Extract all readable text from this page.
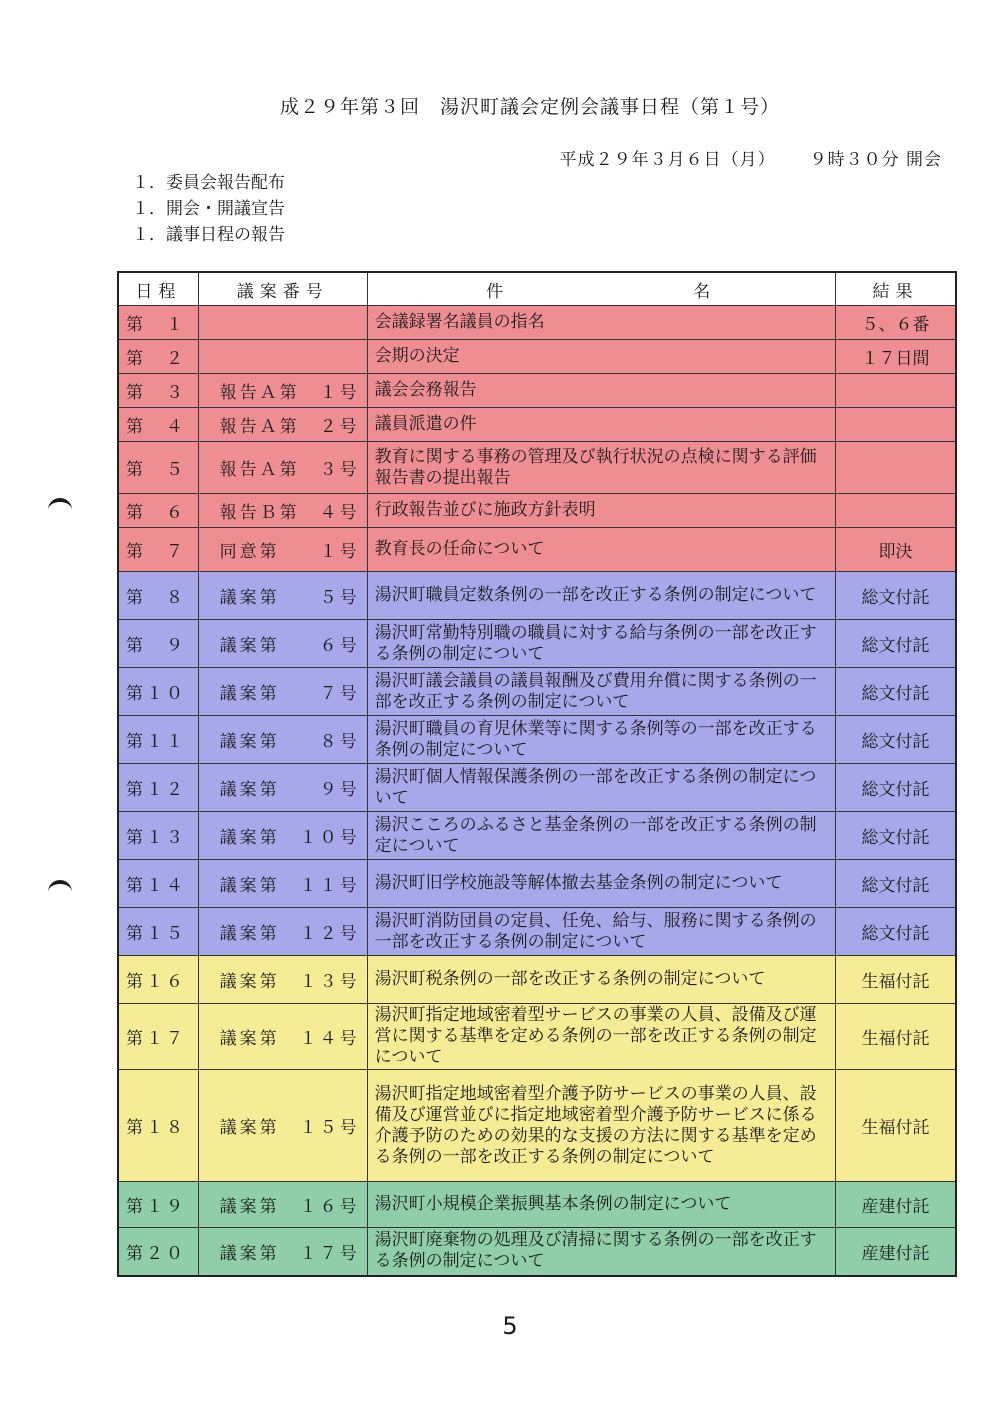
成２９年第３回　湯沢町議会定例会議事日程（第１号）
平成２９年３月６日（月） ９時３０分 開会
１．委員会報告配布
１．開会・開議宣告
１．議事日程の報告
日程	議案番号	件　　　　　　　　名	結果
第　１		会議録署名議員の指名	５、６番
第　２		会期の決定	１７日間
第　３	報告Ａ第　１号	議会会務報告	
第　４	報告Ａ第　２号	議員派遣の件	
第　５	報告Ａ第　３号	教育に関する事務の管理及び執行状況の点検に関する評価報告書の提出報告	
第　６	報告Ｂ第　４号	行政報告並びに施政方針表明	
第　７	同意第　　１号	教育長の任命について	即決
第　８	議案第　　５号	湯沢町職員定数条例の一部を改正する条例の制定について	総文付託
第　９	議案第　　６号	湯沢町常勤特別職の職員に対する給与条例の一部を改正する条例の制定について	総文付託
第１０	議案第　　７号	湯沢町議会議員の議員報酬及び費用弁償に関する条例の一部を改正する条例の制定について	総文付託
第１１	議案第　　８号	湯沢町職員の育児休業等に関する条例等の一部を改正する条例の制定について	総文付託
第１２	議案第　　９号	湯沢町個人情報保護条例の一部を改正する条例の制定について	総文付託
第１３	議案第　１０号	湯沢こころのふるさと基金条例の一部を改正する条例の制定について	総文付託
第１４	議案第　１１号	湯沢町旧学校施設等解体撤去基金条例の制定について	総文付託
第１５	議案第　１２号	湯沢町消防団員の定員、任免、給与、服務に関する条例の一部を改正する条例の制定について	総文付託
第１６	議案第　１３号	湯沢町税条例の一部を改正する条例の制定について	生福付託
第１７	議案第　１４号	湯沢町指定地域密着型サービスの事業の人員、設備及び運営に関する基準を定める条例の一部を改正する条例の制定について	生福付託
第１８	議案第　１５号	湯沢町指定地域密着型介護予防サービスの事業の人員、設備及び運営並びに指定地域密着型介護予防サービスに係る介護予防のための効果的な支援の方法に関する基準を定める条例の一部を改正する条例の制定について	生福付託
第１９	議案第　１６号	湯沢町小規模企業振興基本条例の制定について	産建付託
第２０	議案第　１７号	湯沢町廃棄物の処理及び清掃に関する条例の一部を改正する条例の制定について	産建付託
5
